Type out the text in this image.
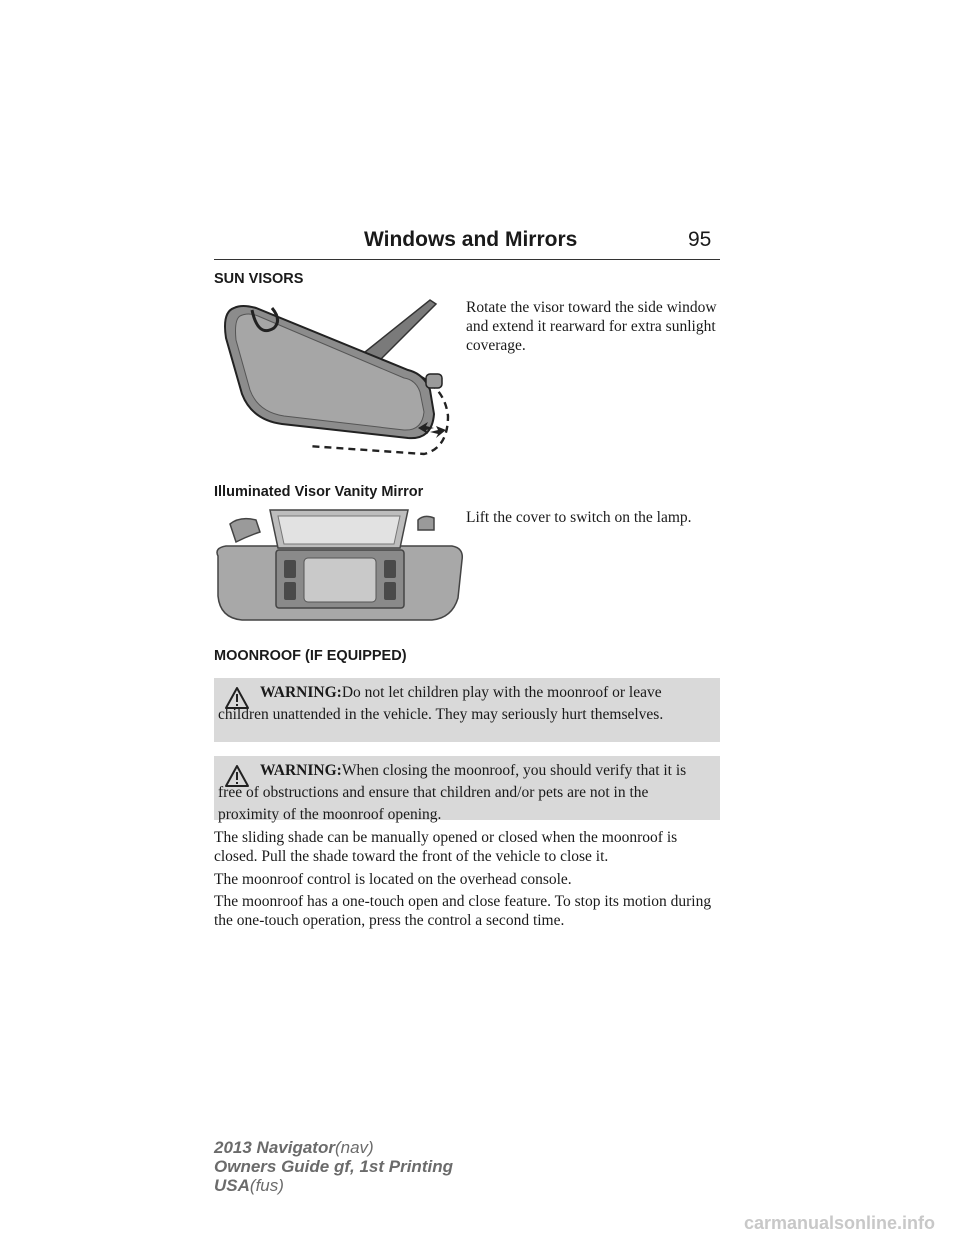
Windows and Mirrors	95
SUN VISORS
Rotate the visor toward the side window and extend it rearward for extra sunlight coverage.
Illuminated Visor Vanity Mirror
Lift the cover to switch on the lamp.
MOONROOF (IF EQUIPPED)
WARNING:Do not let children play with the moonroof or leave children unattended in the vehicle. They may seriously hurt themselves.
WARNING:When closing the moonroof, you should verify that it is free of obstructions and ensure that children and/or pets are not in the proximity of the moonroof opening.
The sliding shade can be manually opened or closed when the moonroof is closed. Pull the shade toward the front of the vehicle to close it.
The moonroof control is located on the overhead console.
The moonroof has a one-touch open and close feature. To stop its motion during the one-touch operation, press the control a second time.
2013 Navigator(nav)
Owners Guide gf, 1st Printing
USA(fus)
carmanualsonline.info
